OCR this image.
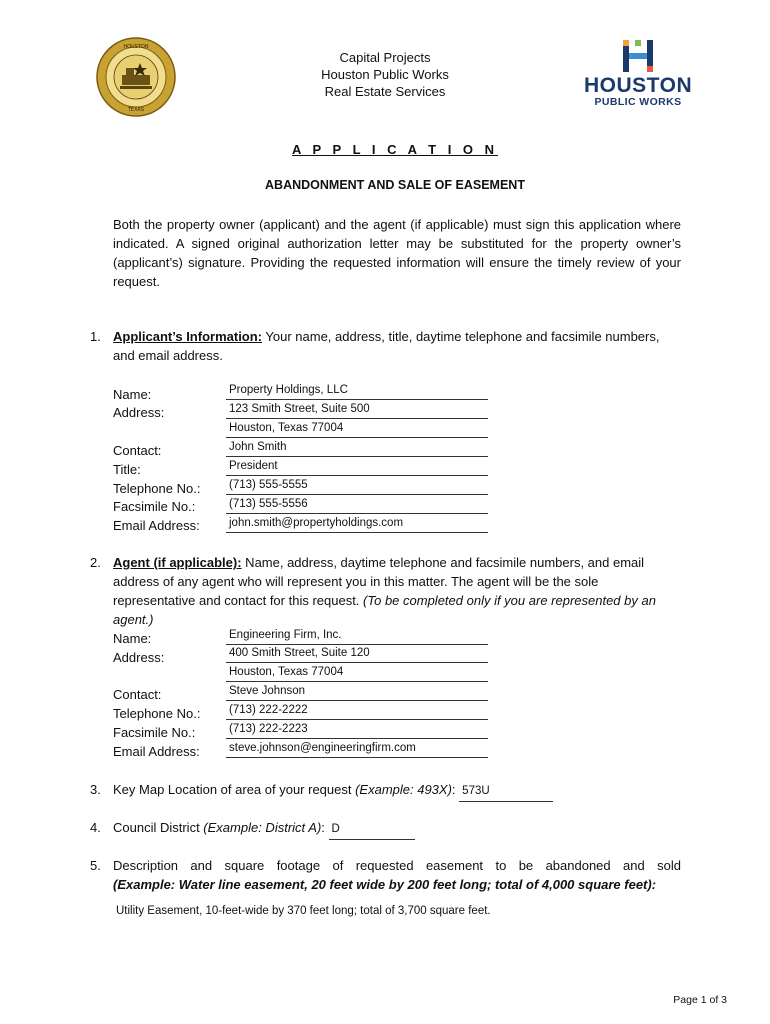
HOUSTON
TEXAS
Capital Projects
Houston Public Works
Real Estate Services	HOUSTON
PUBLIC WORKS
A P P L I C A T I O N
ABANDONMENT AND SALE OF EASEMENT
Both the property owner (applicant) and the agent (if applicable) must sign this application where indicated. A signed original authorization letter may be substituted for the property owner’s (applicant’s) signature. Providing the requested information will ensure the timely review of your request.
1. Applicant’s Information: Your name, address, title, daytime telephone and facsimile numbers, and email address.
Name:	Property Holdings, LLC
Address:	123 Smith Street, Suite 500
Houston, Texas 77004
Contact:	John Smith
Title:	President
Telephone No.: (713) 555-5555
Facsimile No.:	(713) 555-5556
Email Address:	john.smith@propertyholdings.com
2. Agent (if applicable): Name, address, daytime telephone and facsimile numbers, and email address of any agent who will represent you in this matter. The agent will be the sole representative and contact for this request. (To be completed only if you are represented by an agent.)
Name:	Engineering Firm, Inc.
Address:	400 Smith Street, Suite 120
Houston, Texas 77004
Contact:	Steve Johnson
Telephone No.: (713) 222-2222
Facsimile No.:	(713) 222-2223
Email Address:	steve.johnson@engineeringfirm.com
3. Key Map Location of area of your request (Example: 493X): 573U
4. Council District (Example: District A): D
5. Description and square footage of requested easement to be abandoned and sold
(Example: Water line easement, 20 feet wide by 200 feet long; total of 4,000 square feet):
Utility Easement, 10-feet-wide by 370 feet long; total of 3,700 square feet.
Page 1 of 3
